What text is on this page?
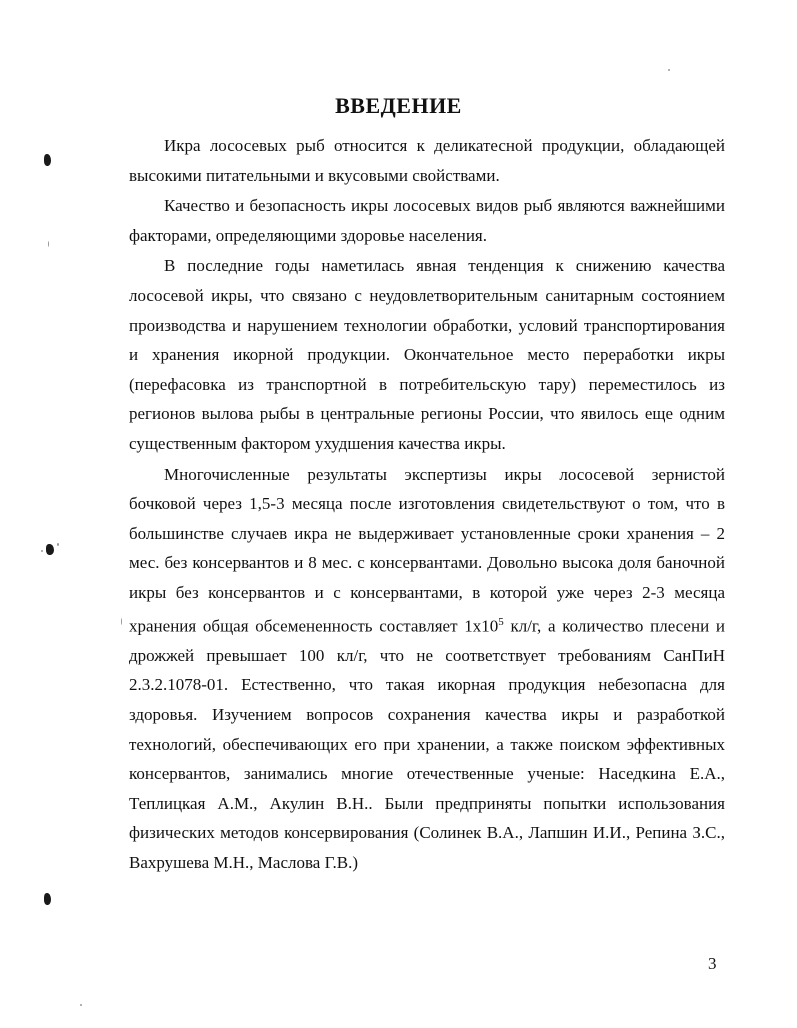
ВВЕДЕНИЕ

Икра лососевых рыб относится к деликатесной продукции, обладающей высокими питательными и вкусовыми свойствами.

Качество и безопасность икры лососевых видов рыб являются важнейшими факторами, определяющими здоровье населения.

В последние годы наметилась явная тенденция к снижению качества лососевой икры, что связано с неудовлетворительным санитарным состоянием производства и нарушением технологии обработки, условий транспортирования и хранения икорной продукции. Окончательное место переработки икры (перефасовка из транспортной в потребительскую тару) переместилось из регионов вылова рыбы в центральные регионы России, что явилось еще одним существенным фактором ухудшения качества икры.

Многочисленные результаты экспертизы икры лососевой зернистой бочковой через 1,5-3 месяца после изготовления свидетельствуют о том, что в большинстве случаев икра не выдерживает установленные сроки хранения – 2 мес. без консервантов и 8 мес. с консервантами. Довольно высока доля баночной икры без консервантов и с консервантами, в которой уже через 2-3 месяца хранения общая обсемененность составляет $1х10^5$ кл/г, а количество плесени и дрожжей превышает 100 кл/г, что не соответствует требованиям СанПиН 2.3.2.1078-01. Естественно, что такая икорная продукция небезопасна для здоровья. Изучением вопросов сохранения качества икры и разработкой технологий, обеспечивающих его при хранении, а также поиском эффективных консервантов, занимались многие отечественные ученые: Наседкина Е.А., Теплицкая А.М., Акулин В.Н.. Были предприняты попытки использования физических методов консервирования (Солинек В.А., Лапшин И.И., Репина З.С., Вахрушева М.Н., Маслова Г.В.)

3
